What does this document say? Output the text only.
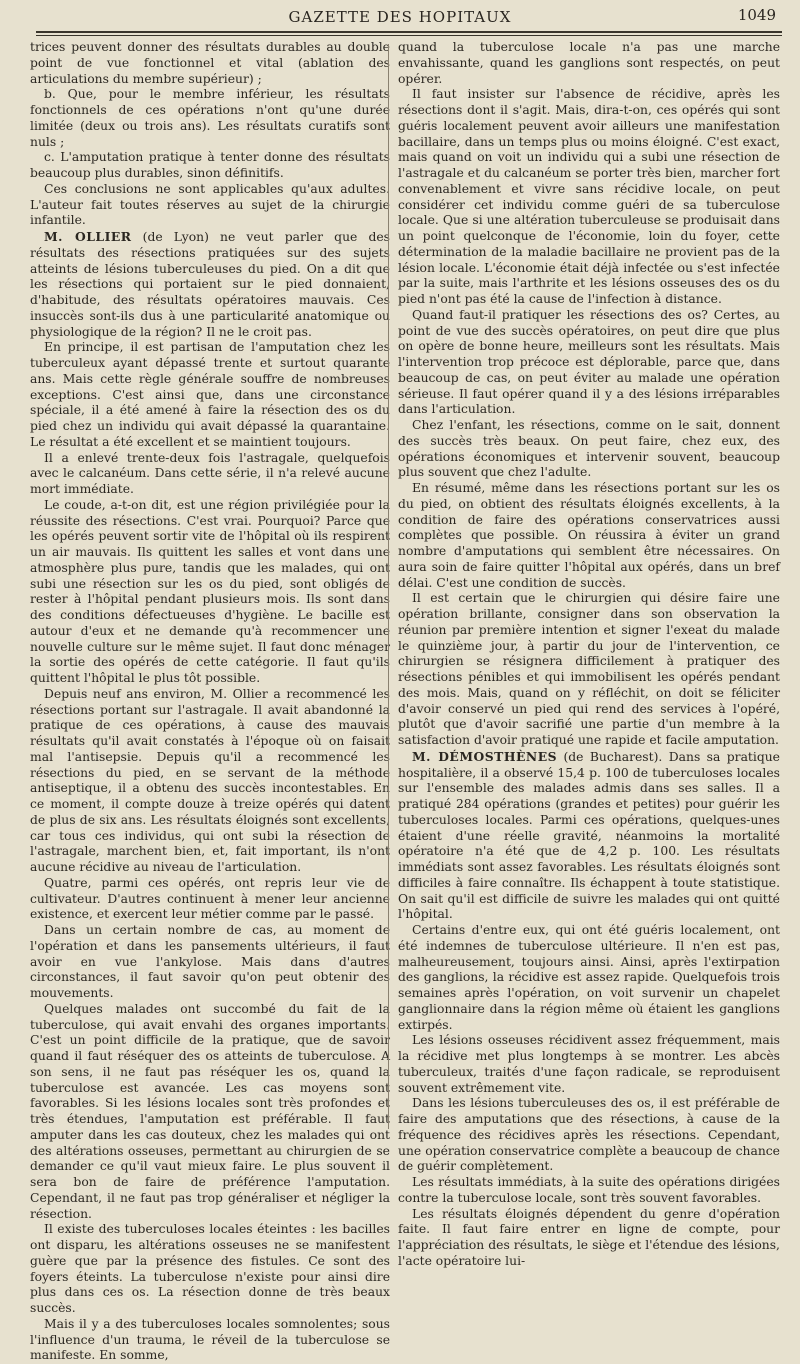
GAZETTE DES HOPITAUX	1049

trices peuvent donner des résultats durables au double point de vue fonctionnel et vital (ablation des articulations du membre supérieur) ;

b. Que, pour le membre inférieur, les résultats fonctionnels de ces opérations n'ont qu'une durée limitée (deux ou trois ans). Les résultats curatifs sont nuls ;

c. L'amputation pratique à tenter donne des résultats beaucoup plus durables, sinon définitifs.

Ces conclusions ne sont applicables qu'aux adultes. L'auteur fait toutes réserves au sujet de la chirurgie infantile.

M. OLLIER (de Lyon) ne veut parler que des résultats des résections pratiquées sur des sujets atteints de lésions tuberculeuses du pied. On a dit que les résections qui portaient sur le pied donnaient, d'habitude, des résultats opératoires mauvais. Ces insuccès sont-ils dus à une particularité anatomique ou physiologique de la région? Il ne le croit pas.

En principe, il est partisan de l'amputation chez les tuberculeux ayant dépassé trente et surtout quarante ans. Mais cette règle générale souffre de nombreuses exceptions. C'est ainsi que, dans une circonstance spéciale, il a été amené à faire la résection des os du pied chez un individu qui avait dépassé la quarantaine. Le résultat a été excellent et se maintient toujours.

Il a enlevé trente-deux fois l'astragale, quelquefois avec le calcanéum. Dans cette série, il n'a relevé aucune mort immédiate.

Le coude, a-t-on dit, est une région privilégiée pour la réussite des résections. C'est vrai. Pourquoi? Parce que les opérés peuvent sortir vite de l'hôpital où ils respirent un air mauvais. Ils quittent les salles et vont dans une atmosphère plus pure, tandis que les malades, qui ont subi une résection sur les os du pied, sont obligés de rester à l'hôpital pendant plusieurs mois. Ils sont dans des conditions défectueuses d'hygiène. Le bacille est autour d'eux et ne demande qu'à recommencer une nouvelle culture sur le même sujet. Il faut donc ménager la sortie des opérés de cette catégorie. Il faut qu'ils quittent l'hôpital le plus tôt possible.

Depuis neuf ans environ, M. Ollier a recommencé les résections portant sur l'astragale. Il avait abandonné la pratique de ces opérations, à cause des mauvais résultats qu'il avait constatés à l'époque où on faisait mal l'antisepsie. Depuis qu'il a recommencé les résections du pied, en se servant de la méthode antiseptique, il a obtenu des succès incontestables. En ce moment, il compte douze à treize opérés qui datent de plus de six ans. Les résultats éloignés sont excellents, car tous ces individus, qui ont subi la résection de l'astragale, marchent bien, et, fait important, ils n'ont aucune récidive au niveau de l'articulation.

Quatre, parmi ces opérés, ont repris leur vie de cultivateur. D'autres continuent à mener leur ancienne existence, et exercent leur métier comme par le passé.

Dans un certain nombre de cas, au moment de l'opération et dans les pansements ultérieurs, il faut avoir en vue l'ankylose. Mais dans d'autres circonstances, il faut savoir qu'on peut obtenir des mouvements.

Quelques malades ont succombé du fait de la tuberculose, qui avait envahi des organes importants. C'est un point difficile de la pratique, que de savoir quand il faut réséquer des os atteints de tuberculose. A son sens, il ne faut pas réséquer les os, quand la tuberculose est avancée. Les cas moyens sont favorables. Si les lésions locales sont très profondes et très étendues, l'amputation est préférable. Il faut amputer dans les cas douteux, chez les malades qui ont des altérations osseuses, permettant au chirurgien de se demander ce qu'il vaut mieux faire. Le plus souvent il sera bon de faire de préférence l'amputation. Cependant, il ne faut pas trop généraliser et négliger la résection.

Il existe des tuberculoses locales éteintes : les bacilles ont disparu, les altérations osseuses ne se manifestent guère que par la présence des fistules. Ce sont des foyers éteints. La tuberculose n'existe pour ainsi dire plus dans ces os. La résection donne de très beaux succès.

Mais il y a des tuberculoses locales somnolentes; sous l'influence d'un trauma, le réveil de la tuberculose se manifeste. En somme,

quand la tuberculose locale n'a pas une marche envahissante, quand les ganglions sont respectés, on peut opérer.

Il faut insister sur l'absence de récidive, après les résections dont il s'agit. Mais, dira-t-on, ces opérés qui sont guéris localement peuvent avoir ailleurs une manifestation bacillaire, dans un temps plus ou moins éloigné. C'est exact, mais quand on voit un individu qui a subi une résection de l'astragale et du calcanéum se porter très bien, marcher fort convenablement et vivre sans récidive locale, on peut considérer cet individu comme guéri de sa tuberculose locale. Que si une altération tuberculeuse se produisait dans un point quelconque de l'économie, loin du foyer, cette détermination de la maladie bacillaire ne provient pas de la lésion locale. L'économie était déjà infectée ou s'est infectée par la suite, mais l'arthrite et les lésions osseuses des os du pied n'ont pas été la cause de l'infection à distance.

Quand faut-il pratiquer les résections des os? Certes, au point de vue des succès opératoires, on peut dire que plus on opère de bonne heure, meilleurs sont les résultats. Mais l'intervention trop précoce est déplorable, parce que, dans beaucoup de cas, on peut éviter au malade une opération sérieuse. Il faut opérer quand il y a des lésions irréparables dans l'articulation.

Chez l'enfant, les résections, comme on le sait, donnent des succès très beaux. On peut faire, chez eux, des opérations économiques et intervenir souvent, beaucoup plus souvent que chez l'adulte.

En résumé, même dans les résections portant sur les os du pied, on obtient des résultats éloignés excellents, à la condition de faire des opérations conservatrices aussi complètes que possible. On réussira à éviter un grand nombre d'amputations qui semblent être nécessaires. On aura soin de faire quitter l'hôpital aux opérés, dans un bref délai. C'est une condition de succès.

Il est certain que le chirurgien qui désire faire une opération brillante, consigner dans son observation la réunion par première intention et signer l'exeat du malade le quinzième jour, à partir du jour de l'intervention, ce chirurgien se résignera difficilement à pratiquer des résections pénibles et qui immobilisent les opérés pendant des mois. Mais, quand on y réfléchit, on doit se féliciter d'avoir conservé un pied qui rend des services à l'opéré, plutôt que d'avoir sacrifié une partie d'un membre à la satisfaction d'avoir pratiqué une rapide et facile amputation.

M. DÉMOSTHÈNES (de Bucharest). Dans sa pratique hospitalière, il a observé 15,4 p. 100 de tuberculoses locales sur l'ensemble des malades admis dans ses salles. Il a pratiqué 284 opérations (grandes et petites) pour guérir les tuberculoses locales. Parmi ces opérations, quelques-unes étaient d'une réelle gravité, néanmoins la mortalité opératoire n'a été que de 4,2 p. 100. Les résultats immédiats sont assez favorables. Les résultats éloignés sont difficiles à faire connaître. Ils échappent à toute statistique. On sait qu'il est difficile de suivre les malades qui ont quitté l'hôpital.

Certains d'entre eux, qui ont été guéris localement, ont été indemnes de tuberculose ultérieure. Il n'en est pas, malheureusement, toujours ainsi. Ainsi, après l'extirpation des ganglions, la récidive est assez rapide. Quelquefois trois semaines après l'opération, on voit survenir un chapelet ganglionnaire dans la région même où étaient les ganglions extirpés.

Les lésions osseuses récidivent assez fréquemment, mais la récidive met plus longtemps à se montrer. Les abcès tuberculeux, traités d'une façon radicale, se reproduisent souvent extrêmement vite.

Dans les lésions tuberculeuses des os, il est préférable de faire des amputations que des résections, à cause de la fréquence des récidives après les résections. Cependant, une opération conservatrice complète a beaucoup de chance de guérir complètement.

Les résultats immédiats, à la suite des opérations dirigées contre la tuberculose locale, sont très souvent favorables.

Les résultats éloignés dépendent du genre d'opération faite. Il faut faire entrer en ligne de compte, pour l'appréciation des résultats, le siège et l'étendue des lésions, l'acte opératoire lui-
